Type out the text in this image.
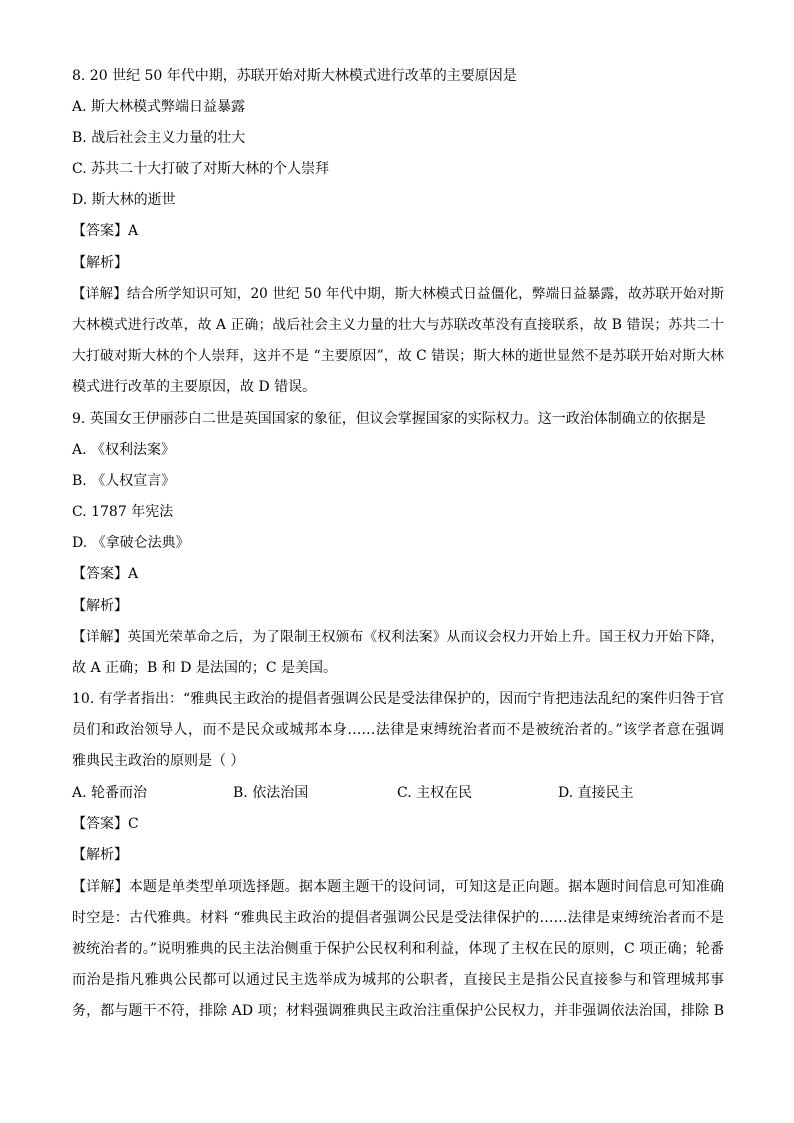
8. 20 世纪 50 年代中期，苏联开始对斯大林模式进行改革的主要原因是
A. 斯大林模式弊端日益暴露
B. 战后社会主义力量的壮大
C. 苏共二十大打破了对斯大林的个人崇拜
D. 斯大林的逝世
【答案】A
【解析】
【详解】结合所学知识可知，20 世纪 50 年代中期，斯大林模式日益僵化，弊端日益暴露，故苏联开始对斯
大林模式进行改革，故 A 正确；战后社会主义力量的壮大与苏联改革没有直接联系，故 B 错误；苏共二十
大打破对斯大林的个人崇拜，这并不是 “主要原因”，故 C 错误；斯大林的逝世显然不是苏联开始对斯大林
模式进行改革的主要原因，故 D 错误。
9. 英国女王伊丽莎白二世是英国国家的象征，但议会掌握国家的实际权力。这一政治体制确立的依据是
A. 《权利法案》
B. 《人权宣言》
C. 1787 年宪法
D. 《拿破仑法典》
【答案】A
【解析】
【详解】英国光荣革命之后，为了限制王权颁布《权利法案》从而议会权力开始上升。国王权力开始下降，
故 A 正确；B 和 D 是法国的；C 是美国。
10. 有学者指出：“雅典民主政治的提倡者强调公民是受法律保护的，因而宁肯把违法乱纪的案件归咎于官
员们和政治领导人，而不是民众或城邦本身……法律是束缚统治者而不是被统治者的。”该学者意在强调
雅典民主政治的原则是（ ）
A. 轮番而治	B. 依法治国	C. 主权在民	D. 直接民主
【答案】C
【解析】
【详解】本题是单类型单项选择题。据本题主题干的设问词，可知这是正向题。据本题时间信息可知准确
时空是：古代雅典。材料 “雅典民主政治的提倡者强调公民是受法律保护的……法律是束缚统治者而不是
被统治者的。”说明雅典的民主法治侧重于保护公民权利和利益，体现了主权在民的原则，C 项正确；轮番
而治是指凡雅典公民都可以通过民主选举成为城邦的公职者，直接民主是指公民直接参与和管理城邦事
务，都与题干不符，排除 AD 项；材料强调雅典民主政治注重保护公民权力，并非强调依法治国，排除 B
